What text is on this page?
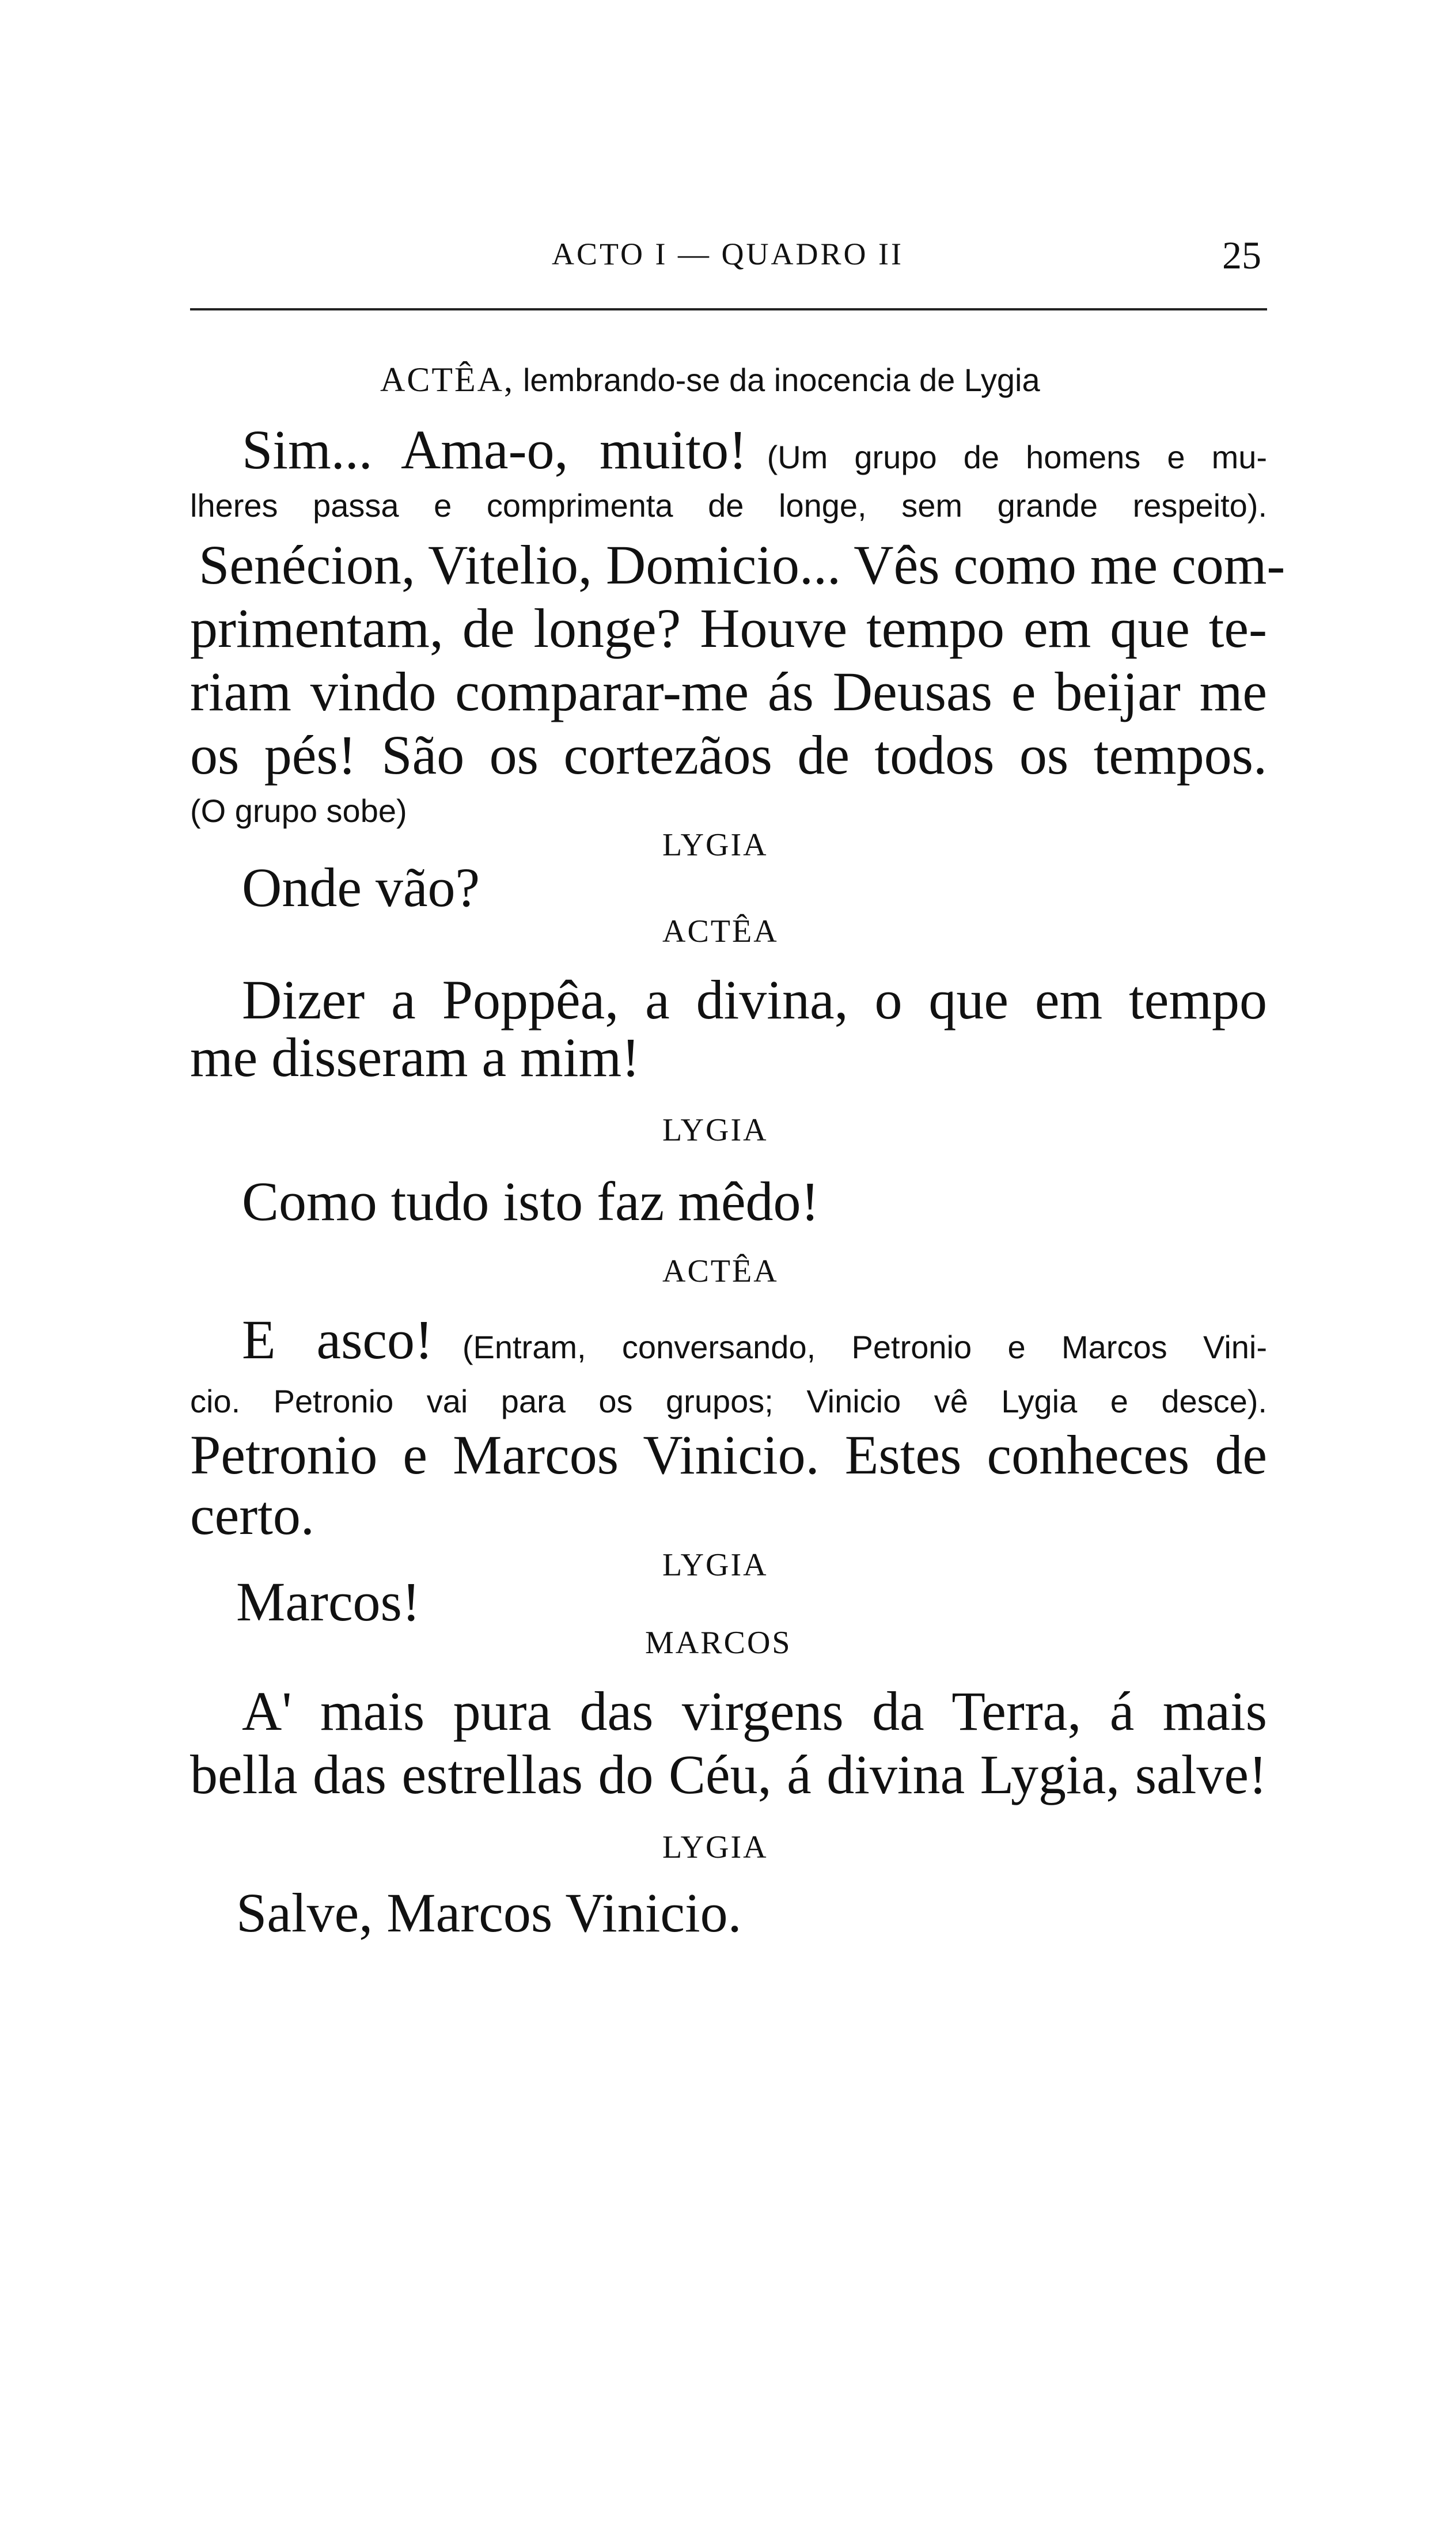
ACTO I — QUADRO II	25
ACTÊA, lembrando-se da inocencia de Lygia
Sim... Ama-o, muito! (Um grupo de homens e mu-
lheres passa e comprimenta de longe, sem grande respeito).
Senécion, Vitelio, Domicio... Vês como me com-
primentam, de longe? Houve tempo em que te-
riam vindo comparar-me ás Deusas e beijar me
os pés! São os cortezãos de todos os tempos.
(O grupo sobe)
LYGIA
Onde vão?
ACTÊA
Dizer a Poppêa, a divina, o que em tempo
me disseram a mim!
LYGIA
Como tudo isto faz mêdo!
ACTÊA
E asco! (Entram, conversando, Petronio e Marcos Vini-
cio. Petronio vai para os grupos; Vinicio vê Lygia e desce).
Petronio e Marcos Vinicio. Estes conheces de
certo.
LYGIA
Marcos!
MARCOS
A' mais pura das virgens da Terra, á mais
bella das estrellas do Céu, á divina Lygia, salve!
LYGIA
Salve, Marcos Vinicio.
